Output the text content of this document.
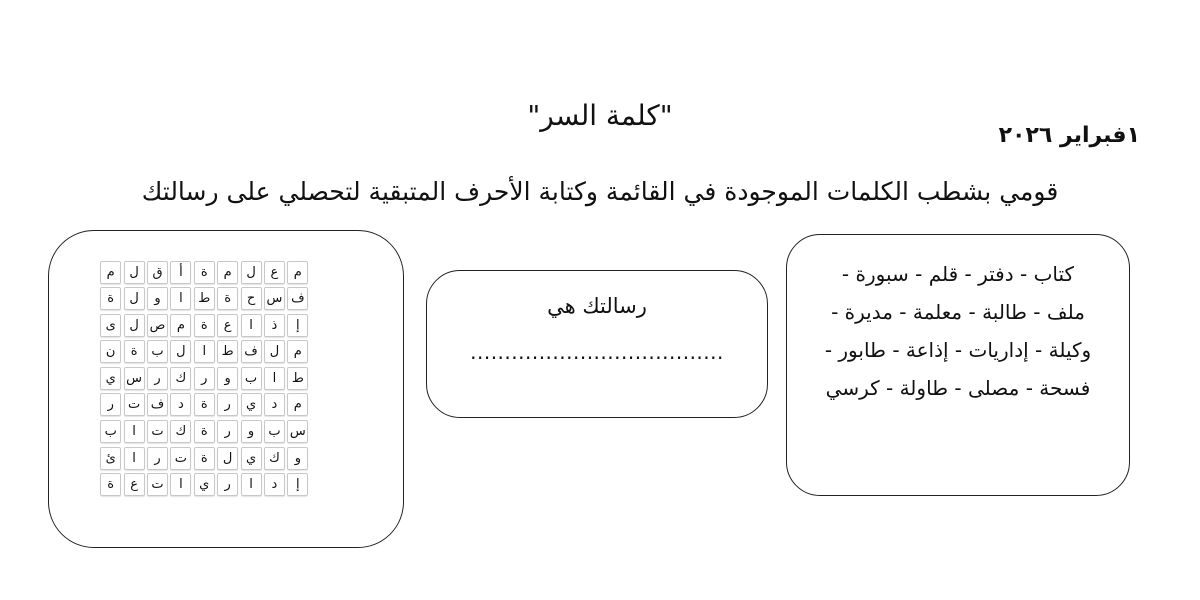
"كلمة السر"
١فبراير ٢٠٢٦
قومي بشطب الكلمات الموجودة في القائمة وكتابة الأحرف المتبقية لتحصلي على رسالتك
م
ع
ل
م
ة
أ
ق
ل
م
ف
س
ح
ة
ط
ا
و
ل
ة
إ
ذ
ا
ع
ة
م
ص
ل
ى
م
ل
ف
ط
ا
ل
ب
ة
ن
ط
ا
ب
و
ر
ك
ر
س
ي
م
د
ي
ر
ة
د
ف
ت
ر
س
ب
و
ر
ة
ك
ت
ا
ب
و
ك
ي
ل
ة
ت
ر
ا
ئ
إ
د
ا
ر
ي
ا
ت
ع
ة
رسالتك هي
.....................................
كتاب - دفتر - قلم - سبورة -
ملف - طالبة - معلمة - مديرة -
وكيلة - إداريات - إذاعة - طابور -
فسحة - مصلى - طاولة - كرسي
